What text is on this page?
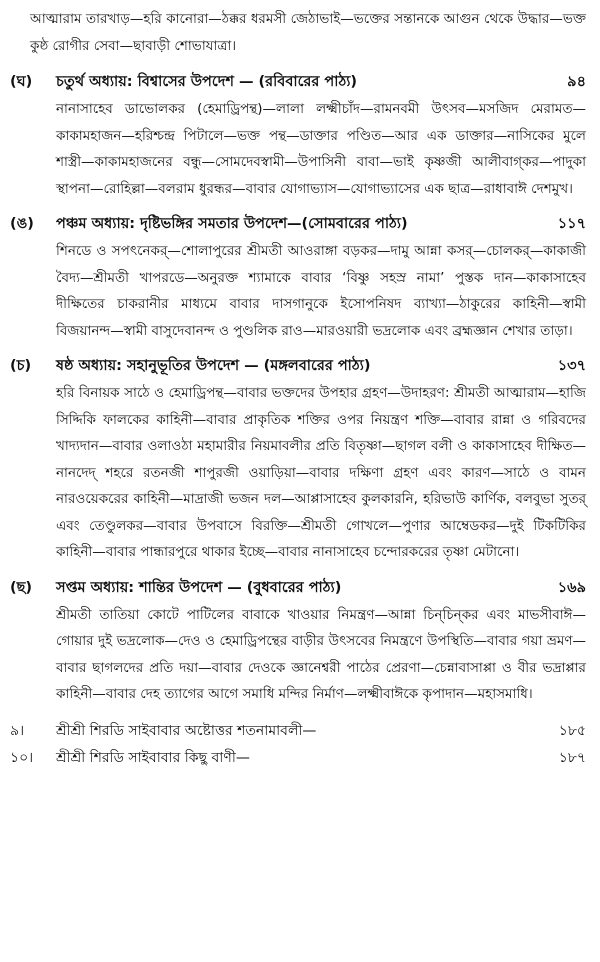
আত্মারাম তারখাড়—হরি কানোরা—ঠক্কর ধরমসী জেঠাভাই—ভক্তের সন্তানকে আগুন থেকে উদ্ধার—ভক্ত কুষ্ঠ রোগীর সেবা—ছাবাড়ী শোভাযাত্রা।
(ঘ)	চতুর্থ অধ্যায়: বিশ্বাসের উপদেশ — (রবিবারের পাঠ্য)	৯৪
নানাসাহেব ডাভোলকর (হেমাড্রিপন্থ)—লালা লক্ষ্মীচাঁদ—রামনবমী উৎসব—মসজিদ মেরামত—কাকামহাজন—হরিশ্চন্দ্র পিটালে—ভক্ত পন্থ—ডাক্তার পণ্ডিত—আর এক ডাক্তার—নাসিকের মুলে শাস্ত্রী—কাকামহাজনের বন্ধু—সোমদেবস্বামী—উপাসিনী বাবা—ভাই কৃষ্ণজী আলীবাগ্‌কর—পাদুকা স্থাপনা—রোহিল্লা—বলরাম ধুরন্ধর—বাবার যোগাভ্যাস—যোগাভ্যাসের এক ছাত্র—রাধাবাঈ দেশমুখ।
(ঙ)	পঞ্চম অধ্যায়: দৃষ্টিভঙ্গির সমতার উপদেশ—(সোমবারের পাঠ্য)	১১৭
শিনডে ও সপৎনেকর্—শোলাপুরের শ্রীমতী আওরাঙ্গা বড়কর—দামু আন্না কসর্—চোলকর্—কাকাজী বৈদ্য—শ্রীমতী খাপরডে—অনুরক্ত শ্যামাকে বাবার ‘বিষ্ণু সহস্র নামা’ পুস্তক দান—কাকাসাহেব দীক্ষিতের চাকরানীর মাধ্যমে বাবার দাসগানুকে ইসোপনিষদ ব্যাখ্যা—ঠাকুরের কাহিনী—স্বামী বিজয়ানন্দ—স্বামী বাসুদেবানন্দ ও পুণ্ডলিক রাও—মারওয়ারী ভদ্রলোক এবং ব্রহ্মজ্ঞান শেখার তাড়া।
(চ)	ষষ্ঠ অধ্যায়: সহানুভূতির উপদেশ — (মঙ্গলবারের পাঠ্য)	১৩৭
হরি বিনায়ক সাঠে ও হেমাড্রিপন্থ—বাবার ভক্তদের উপহার গ্রহণ—উদাহরণ: শ্রীমতী আত্মারাম—হাজি সিদ্দিকি ফালকের কাহিনী—বাবার প্রাকৃতিক শক্তির ওপর নিয়ন্ত্রণ শক্তি—বাবার রান্না ও গরিবদের খাদ্যদান—বাবার ওলাওঠা মহামারীর নিয়মাবলীর প্রতি বিতৃষ্ণা—ছাগল বলী ও কাকাসাহেব দীক্ষিত—নানদেদ্‌ শহরে রতনজী শাপুরজী ওয়াড়িয়া—বাবার দক্ষিণা গ্রহণ এবং কারণ—সাঠে ও বামন নারওয়েকরের কাহিনী—মাদ্রাজী ভজন দল—আপ্পাসাহেব কুলকারনি, হরিভাউ কার্ণিক, বলবুভা সুতর্ এবং তেণ্ডুলকর—বাবার উপবাসে বিরক্তি—শ্রীমতী গোখলে—পুণার আম্বেডকর—দুই টিকটিকির কাহিনী—বাবার পান্ধারপুরে থাকার ইচ্ছে—বাবার নানাসাহেব চন্দোরকরের তৃষ্ণা মেটানো।
(ছ)	সপ্তম অধ্যায়: শান্তির উপদেশ — (বুধবারের পাঠ্য)	১৬৯
শ্রীমতী তাতিয়া কোটে পাটিলের বাবাকে খাওয়ার নিমন্ত্রণ—আন্না চিন্‌চিন্‌কর এবং মাভসীবাঈ—গোয়ার দুই ভদ্রলোক—দেও ও হেমাড্রিপন্থের বাড়ীর উৎসবের নিমন্ত্রণে উপস্থিতি—বাবার গয়া ভ্রমণ—বাবার ছাগলদের প্রতি দয়া—বাবার দেওকে জ্ঞানেশ্বরী পাঠের প্রেরণা—চেন্নাবাসাপ্পা ও বীর ভদ্রাপ্পার কাহিনী—বাবার দেহ ত্যাগের আগে সমাধি মন্দির নির্মাণ—লক্ষ্মীবাঈকে কৃপাদান—মহাসমাধি।
৯।	শ্রীশ্রী শিরডি সাইবাবার অষ্টোত্তর শতনামাবলী—	১৮৫
১০।	শ্রীশ্রী শিরডি সাইবাবার কিছু বাণী—	১৮৭
